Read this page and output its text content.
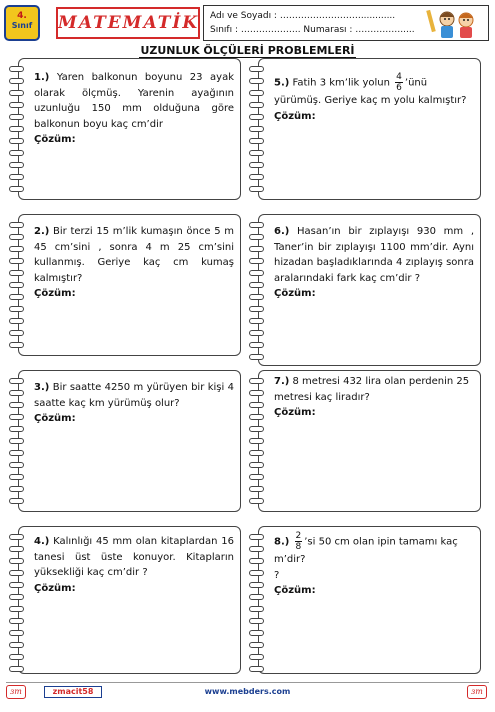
4.
Sınıf	MATEMATİK Adı ve Soyadı : ………………………............
Sınıfı : ……………….. Numarası : …………….....
UZUNLUK ÖLÇÜLERİ PROBLEMLERİ
1.) Yaren balkonun boyunu 23 ayak olarak ölçmüş. Yarenin ayağının uzunluğu 150 mm olduğuna göre balkonun boyu kaç cm’dir
Çözüm:
5.) Fatih 3 km’lik yolun $\frac{4}{6}$ ’ünü yürümüş. Geriye kaç m yolu kalmıştır?
Çözüm:
2.) Bir terzi 15 m’lik kumaşın önce 5 m 45 cm’sini , sonra 4 m 25 cm’sini kullanmış. Geriye kaç cm kumaş kalmıştır?
Çözüm:
6.) Hasan’ın bir zıplayışı 930 mm , Taner’in bir zıplayışı 1100 mm’dir. Aynı hizadan başladıklarında 4 zıplayış sonra aralarındaki fark kaç cm’dir ?
Çözüm:
3.) Bir saatte 4250 m yürüyen bir kişi 4 saatte kaç km yürümüş olur?
Çözüm:
7.) 8 metresi 432 lira olan perdenin 25 metresi kaç liradır?
Çözüm:
4.) Kalınlığı 45 mm olan kitaplardan 16 tanesi üst üste konuyor. Kitapların yüksekliği kaç cm’dir ?
Çözüm:
$8.) \frac{2}{8}$ ’si 50 cm olan ipin tamamı kaç m’dir?
?
Çözüm:
ɜm	zmacit58	www.mebders.com	ɜm
